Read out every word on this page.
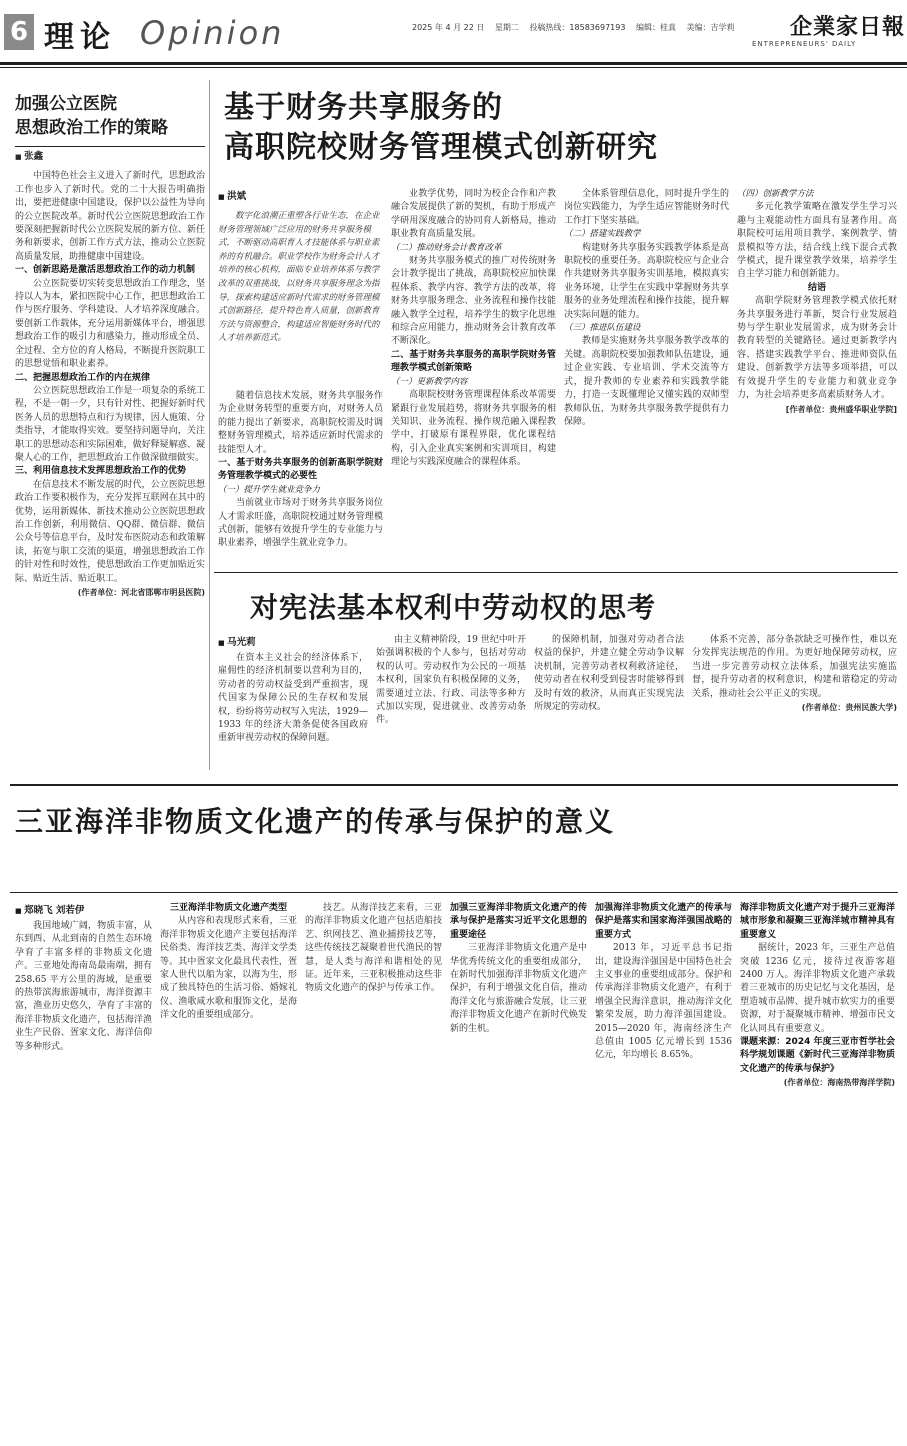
6 理论 Opinion	2025 年 4 月 22 日 星期二 投稿热线：18583697193 编辑：桂真 美编：吉学莉	企業家日報
ENTREPRENEURS' DAILY
加强公立医院
思想政治工作的策略
■ 张鑫

中国特色社会主义进入了新时代，思想政治工作也步入了新时代。党的二十大报告明确指出，要把进健康中国建设，保护以公益性为导向的公立医院改革。新时代公立医院思想政治工作要深刻把握新时代公立医院发展的新方位、新任务和新要求，创新工作方式方法，推动公立医院高质量发展，助推健康中国建设。

一、创新思路是激活思想政治工作的动力机制

公立医院要切实转变思想政治工作理念，坚持以人为本，紧扣医院中心工作，把思想政治工作与医疗服务、学科建设、人才培养深度融合。要创新工作载体，充分运用新媒体平台，增强思想政治工作的吸引力和感染力，推动形成全员、全过程、全方位的育人格局，不断提升医院职工的思想觉悟和职业素养。

二、把握思想政治工作的内在规律

公立医院思想政治工作是一项复杂的系统工程，不是一朝一夕，只有针对性、把握好新时代医务人员的思想特点和行为规律，因人施策、分类指导，才能取得实效。要坚持问题导向，关注职工的思想动态和实际困难，做好释疑解惑、凝聚人心的工作，把思想政治工作做深做细做实。

三、利用信息技术发挥思想政治工作的优势

在信息技术不断发展的时代，公立医院思想政治工作要积极作为，充分发挥互联网在其中的优势，运用新媒体、新技术推动公立医院思想政治工作创新，利用微信、QQ群、微信群、微信公众号等信息平台，及时发布医院动态和政策解读，拓宽与职工交流的渠道，增强思想政治工作的针对性和时效性，使思想政治工作更加贴近实际、贴近生活、贴近职工。

(作者单位：河北省邯郸市明县医院)
基于财务共享服务的
高职院校财务管理模式创新研究
■ 洪斌

数字化浪潮正重塑各行业生态，在企业财务管理领域广泛应用的财务共享服务模式，不断驱动高职育人才技能体系与职业素养的有机融合。职业学校作为财务会计人才培养的核心机构，面临专业培养体系与教学改革的双重挑战，以财务共享服务理念为指导，探索构建适应新时代需求的财务管理模式创新路径，提升特色育人质量，创新教育方法与资源整合，构建适应智能财务时代的人才培养新范式。

随着信息技术发展，财务共享服务作为企业财务转型的重要方向，对财务人员的能力提出了新要求，高职院校需及时调整财务管理模式，培养适应新时代需求的技能型人才。

一、基于财务共享服务的创新高职学院财务管理教学模式的必要性

（一）提升学生就业竞争力

当前就业市场对于财务共享服务岗位人才需求旺盛，高职院校通过财务管理模式创新，能够有效提升学生的专业能力与职业素养，增强学生就业竞争力。

业教学优势，同时为校企合作和产教融合发展提供了新的契机，有助于形成产学研用深度融合的协同育人新格局，推动职业教育高质量发展。

（二）推动财务会计教育改革

财务共享服务模式的推广对传统财务会计教学提出了挑战，高职院校应加快课程体系、教学内容、教学方法的改革，将财务共享服务理念、业务流程和操作技能融入教学全过程，培养学生的数字化思维和综合应用能力，推动财务会计教育改革不断深化。

二、基于财务共享服务的高职学院财务管理教学模式创新策略

（一）更新教学内容

高职院校财务管理课程体系改革需要紧跟行业发展趋势，将财务共享服务的相关知识、业务流程、操作规范融入课程教学中，打破原有课程界限，优化课程结构，引入企业真实案例和实训项目，构建理论与实践深度融合的课程体系。

全体系管理信息化，同时提升学生的岗位实践能力，为学生适应智能财务时代工作打下坚实基础。

（二）搭建实践教学

构建财务共享服务实践教学体系是高职院校的重要任务。高职院校应与企业合作共建财务共享服务实训基地，模拟真实业务环境，让学生在实践中掌握财务共享服务的业务处理流程和操作技能，提升解决实际问题的能力。

（三）推进队伍建设

教师是实施财务共享服务教学改革的关键。高职院校要加强教师队伍建设，通过企业实践、专业培训、学术交流等方式，提升教师的专业素养和实践教学能力，打造一支既懂理论又懂实践的双师型教师队伍，为财务共享服务教学提供有力保障。

（四）创新教学方法

多元化教学策略在激发学生学习兴趣与主观能动性方面具有显著作用。高职院校可运用项目教学、案例教学、情景模拟等方法，结合线上线下混合式教学模式，提升课堂教学效果，培养学生自主学习能力和创新能力。

结语

高职学院财务管理教学模式依托财务共享服务进行革新，契合行业发展趋势与学生职业发展需求，成为财务会计教育转型的关键路径。通过更新教学内容、搭建实践教学平台、推进师资队伍建设、创新教学方法等多项举措，可以有效提升学生的专业能力和就业竞争力，为社会培养更多高素质财务人才。

[作者单位：贵州盛华职业学院]
对宪法基本权利中劳动权的思考
■ 马光莉

在资本主义社会的经济体系下，雇佣性的经济机制要以营利为目的，劳动者的劳动权益受到严重损害，现代国家为保障公民的生存权和发展权，纷纷将劳动权写入宪法，1929—1933 年的经济大萧条促使各国政府重新审视劳动权的保障问题。

由主义精神阶段，19 世纪中叶开始强调积极的个人参与，包括对劳动权的认可。劳动权作为公民的一项基本权利，国家负有积极保障的义务，需要通过立法、行政、司法等多种方式加以实现，促进就业、改善劳动条件。

的保障机制，加强对劳动者合法权益的保护，并建立健全劳动争议解决机制，完善劳动者权利救济途径，使劳动者在权利受到侵害时能够得到及时有效的救济，从而真正实现宪法所规定的劳动权。

体系不完善，部分条款缺乏可操作性，难以充分发挥宪法规范的作用。为更好地保障劳动权，应当进一步完善劳动权立法体系，加强宪法实施监督，提升劳动者的权利意识，构建和谐稳定的劳动关系，推动社会公平正义的实现。

(作者单位：贵州民族大学)
三亚海洋非物质文化遗产的传承与保护的意义
■ 郑晓飞 刘若伊

我国地域广阔，物质丰富，从东到西、从北到南的自然生态环境孕育了丰富多样的非物质文化遗产。三亚地处海南岛最南端，拥有 258.65 平方公里的海域，是重要的热带滨海旅游城市，海洋资源丰富，渔业历史悠久，孕育了丰富的海洋非物质文化遗产，包括海洋渔业生产民俗、疍家文化、海洋信仰等多种形式。

三亚海洋非物质文化遗产类型

从内容和表现形式来看，三亚海洋非物质文化遗产主要包括海洋民俗类、海洋技艺类、海洋文学类等。其中疍家文化最具代表性，疍家人世代以船为家，以海为生，形成了独具特色的生活习俗、婚嫁礼仪、渔歌咸水歌和服饰文化，是海洋文化的重要组成部分。

技艺。从海洋技艺来看，三亚的海洋非物质文化遗产包括造船技艺、织网技艺、渔业捕捞技艺等，这些传统技艺凝聚着世代渔民的智慧，是人类与海洋和谐相处的见证。近年来，三亚积极推动这些非物质文化遗产的保护与传承工作。

加强三亚海洋非物质文化遗产的传承与保护是落实习近平文化思想的重要途径

三亚海洋非物质文化遗产是中华优秀传统文化的重要组成部分，在新时代加强海洋非物质文化遗产保护，有利于增强文化自信，推动海洋文化与旅游融合发展，让三亚海洋非物质文化遗产在新时代焕发新的生机。

加强海洋非物质文化遗产的传承与保护是落实和国家海洋强国战略的重要方式

2013 年，习近平总书记指出，建设海洋强国是中国特色社会主义事业的重要组成部分。保护和传承海洋非物质文化遗产，有利于增强全民海洋意识，推动海洋文化繁荣发展，助力海洋强国建设。2015—2020 年，海南经济生产总值由 1005 亿元增长到 1536 亿元，年均增长 8.65%。

海洋非物质文化遗产对于提升三亚海洋城市形象和凝聚三亚海洋城市精神具有重要意义

据统计，2023 年，三亚生产总值突破 1236 亿元，接待过夜游客超 2400 万人。海洋非物质文化遗产承载着三亚城市的历史记忆与文化基因，是塑造城市品牌、提升城市软实力的重要资源，对于凝聚城市精神、增强市民文化认同具有重要意义。

课题来源：2024 年度三亚市哲学社会科学规划课题《新时代三亚海洋非物质文化遗产的传承与保护》

(作者单位：海南热带海洋学院)
